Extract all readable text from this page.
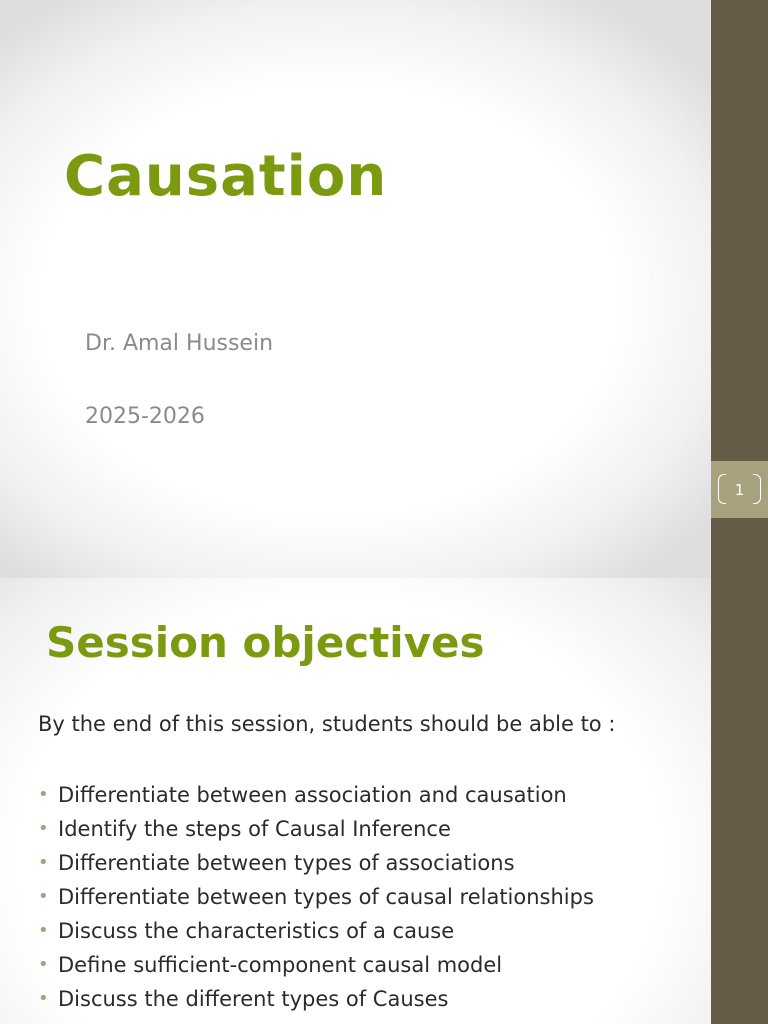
1
Causation

Dr. Amal Hussein

2025-2026

Session objectives

By the end of this session, students should be able to :

• Differentiate between association and causation
• Identify the steps of Causal Inference
• Differentiate between types of associations
• Differentiate between types of causal relationships
• Discuss the characteristics of a cause
• Define sufficient-component causal model
• Discuss the different types of Causes
